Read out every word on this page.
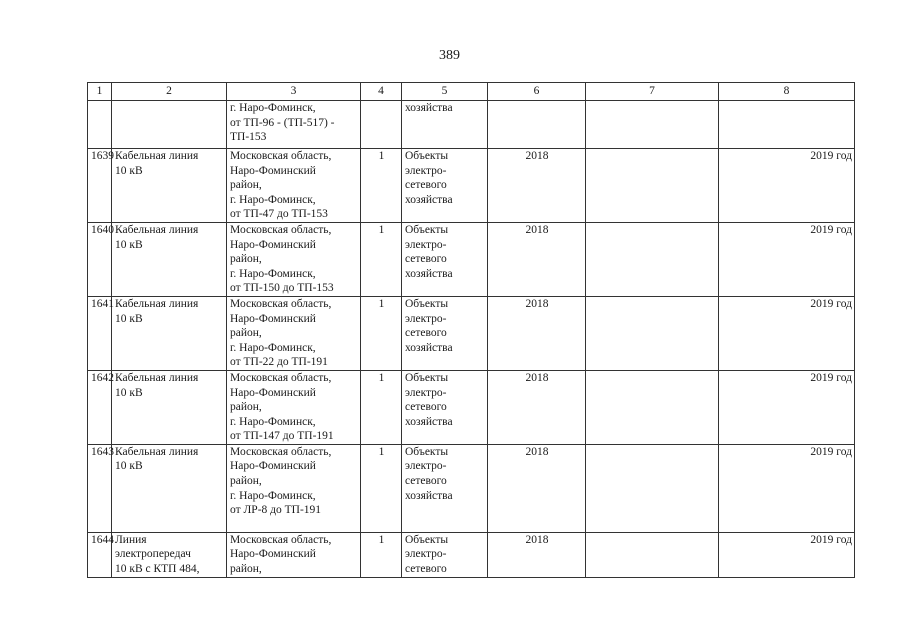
389
1	2	3	4	5	6	7	8

		г. Наро-Фоминск,
от ТП-96 - (ТП-517) -
ТП-153		хозяйства			

1639	Кабельная линия
10 кВ	Московская область,
Наро-Фоминский
район,
г. Наро-Фоминск,
от ТП-47 до ТП-153	1	Объекты
электро-
сетевого
хозяйства	2018		2019 год
1640	Кабельная линия
10 кВ	Московская область,
Наро-Фоминский
район,
г. Наро-Фоминск,
от ТП-150 до ТП-153	1	Объекты
электро-
сетевого
хозяйства	2018		2019 год
1641	Кабельная линия
10 кВ	Московская область,
Наро-Фоминский
район,
г. Наро-Фоминск,
от ТП-22 до ТП-191	1	Объекты
электро-
сетевого
хозяйства	2018		2019 год
1642	Кабельная линия
10 кВ	Московская область,
Наро-Фоминский
район,
г. Наро-Фоминск,
от ТП-147 до ТП-191	1	Объекты
электро-
сетевого
хозяйства	2018		2019 год
1643	Кабельная линия
10 кВ	Московская область,
Наро-Фоминский
район,
г. Наро-Фоминск,
от ЛР-8 до ТП-191	1	Объекты
электро-
сетевого
хозяйства	2018		2019 год
1644	Линия
электропередач
10 кВ с КТП 484,	Московская область,
Наро-Фоминский
район,	1	Объекты
электро-
сетевого	2018		2019 год
